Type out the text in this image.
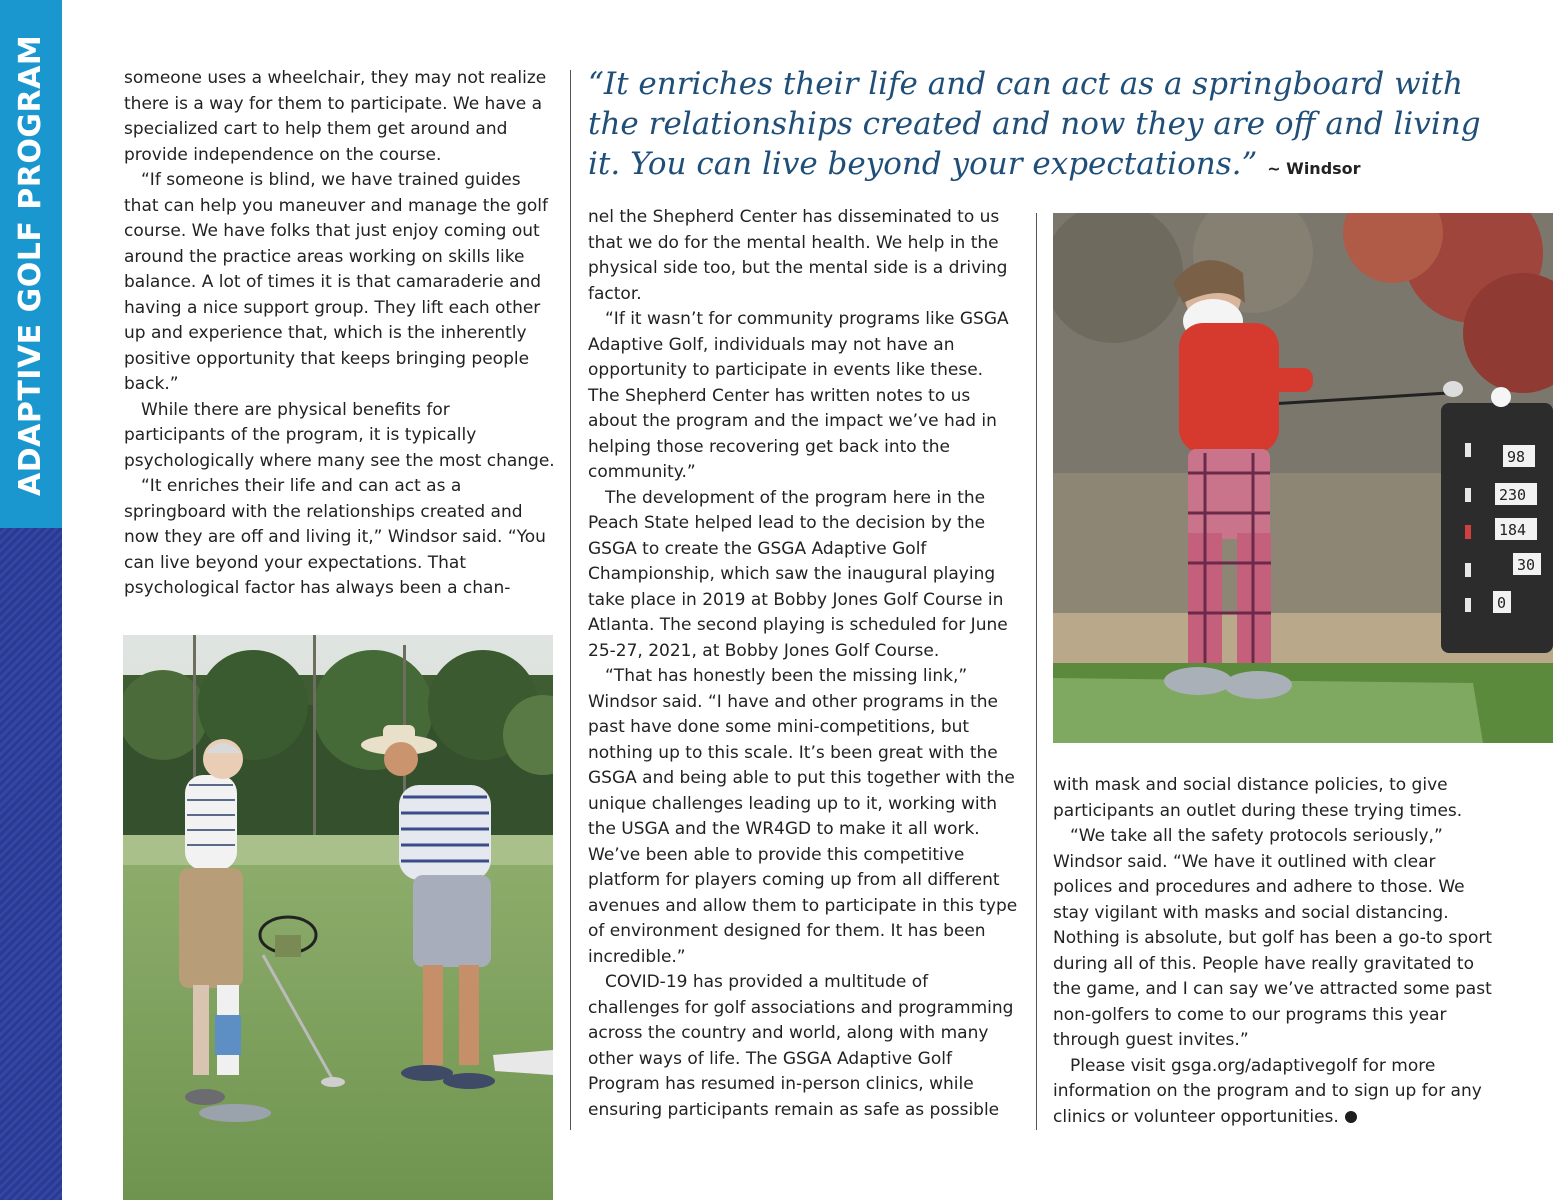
ADAPTIVE GOLF PROGRAM	someone uses a wheelchair, they may not realize there is a way for them to participate. We have a specialized cart to help them get around and provide independence on the course.

“If someone is blind, we have trained guides that can help you maneuver and manage the golf course. We have folks that just enjoy coming out around the practice areas working on skills like balance. A lot of times it is that camaraderie and having a nice support group. They lift each other up and experience that, which is the inherently positive opportunity that keeps bringing people back.”

While there are physical benefits for participants of the program, it is typically psychologically where many see the most change.

“It enriches their life and can act as a springboard with the relationships created and now they are off and living it,” Windsor said. “You can live beyond your expectations. That psychological factor has always been a chan-

“It enriches their life and can act as a springboard with the relationships created and now they are off and living it. You can live beyond your expectations.” ~ Windsor

nel the Shepherd Center has disseminated to us that we do for the mental health. We help in the physical side too, but the mental side is a driving factor.

“If it wasn’t for community programs like GSGA Adaptive Golf, individuals may not have an opportunity to participate in events like these. The Shepherd Center has written notes to us about the program and the impact we’ve had in helping those recovering get back into the community.”

The development of the program here in the Peach State helped lead to the decision by the GSGA to create the GSGA Adaptive Golf Championship, which saw the inaugural playing take place in 2019 at Bobby Jones Golf Course in Atlanta. The second playing is scheduled for June 25-27, 2021, at Bobby Jones Golf Course.

“That has honestly been the missing link,” Windsor said. “I have and other programs in the past have done some mini-competitions, but nothing up to this scale. It’s been great with the GSGA and being able to put this together with the unique challenges leading up to it, working with the USGA and the WR4GD to make it all work. We’ve been able to provide this competitive platform for players coming up from all different avenues and allow them to participate in this type of environment designed for them. It has been incredible.”

COVID-19 has provided a multitude of challenges for golf associations and programming across the country and world, along with many other ways of life. The GSGA Adaptive Golf Program has resumed in-person clinics, while ensuring participants remain as safe as possible

98
230
184
30
0

with mask and social distance policies, to give participants an outlet during these trying times.

“We take all the safety protocols seriously,” Windsor said. “We have it outlined with clear polices and procedures and adhere to those. We stay vigilant with masks and social distancing. Nothing is absolute, but golf has been a go-to sport during all of this. People have really gravitated to the game, and I can say we’ve attracted some past non-golfers to come to our programs this year through guest invites.”

Please visit gsga.org/adaptivegolf for more information on the program and to sign up for any clinics or volunteer opportunities. +
